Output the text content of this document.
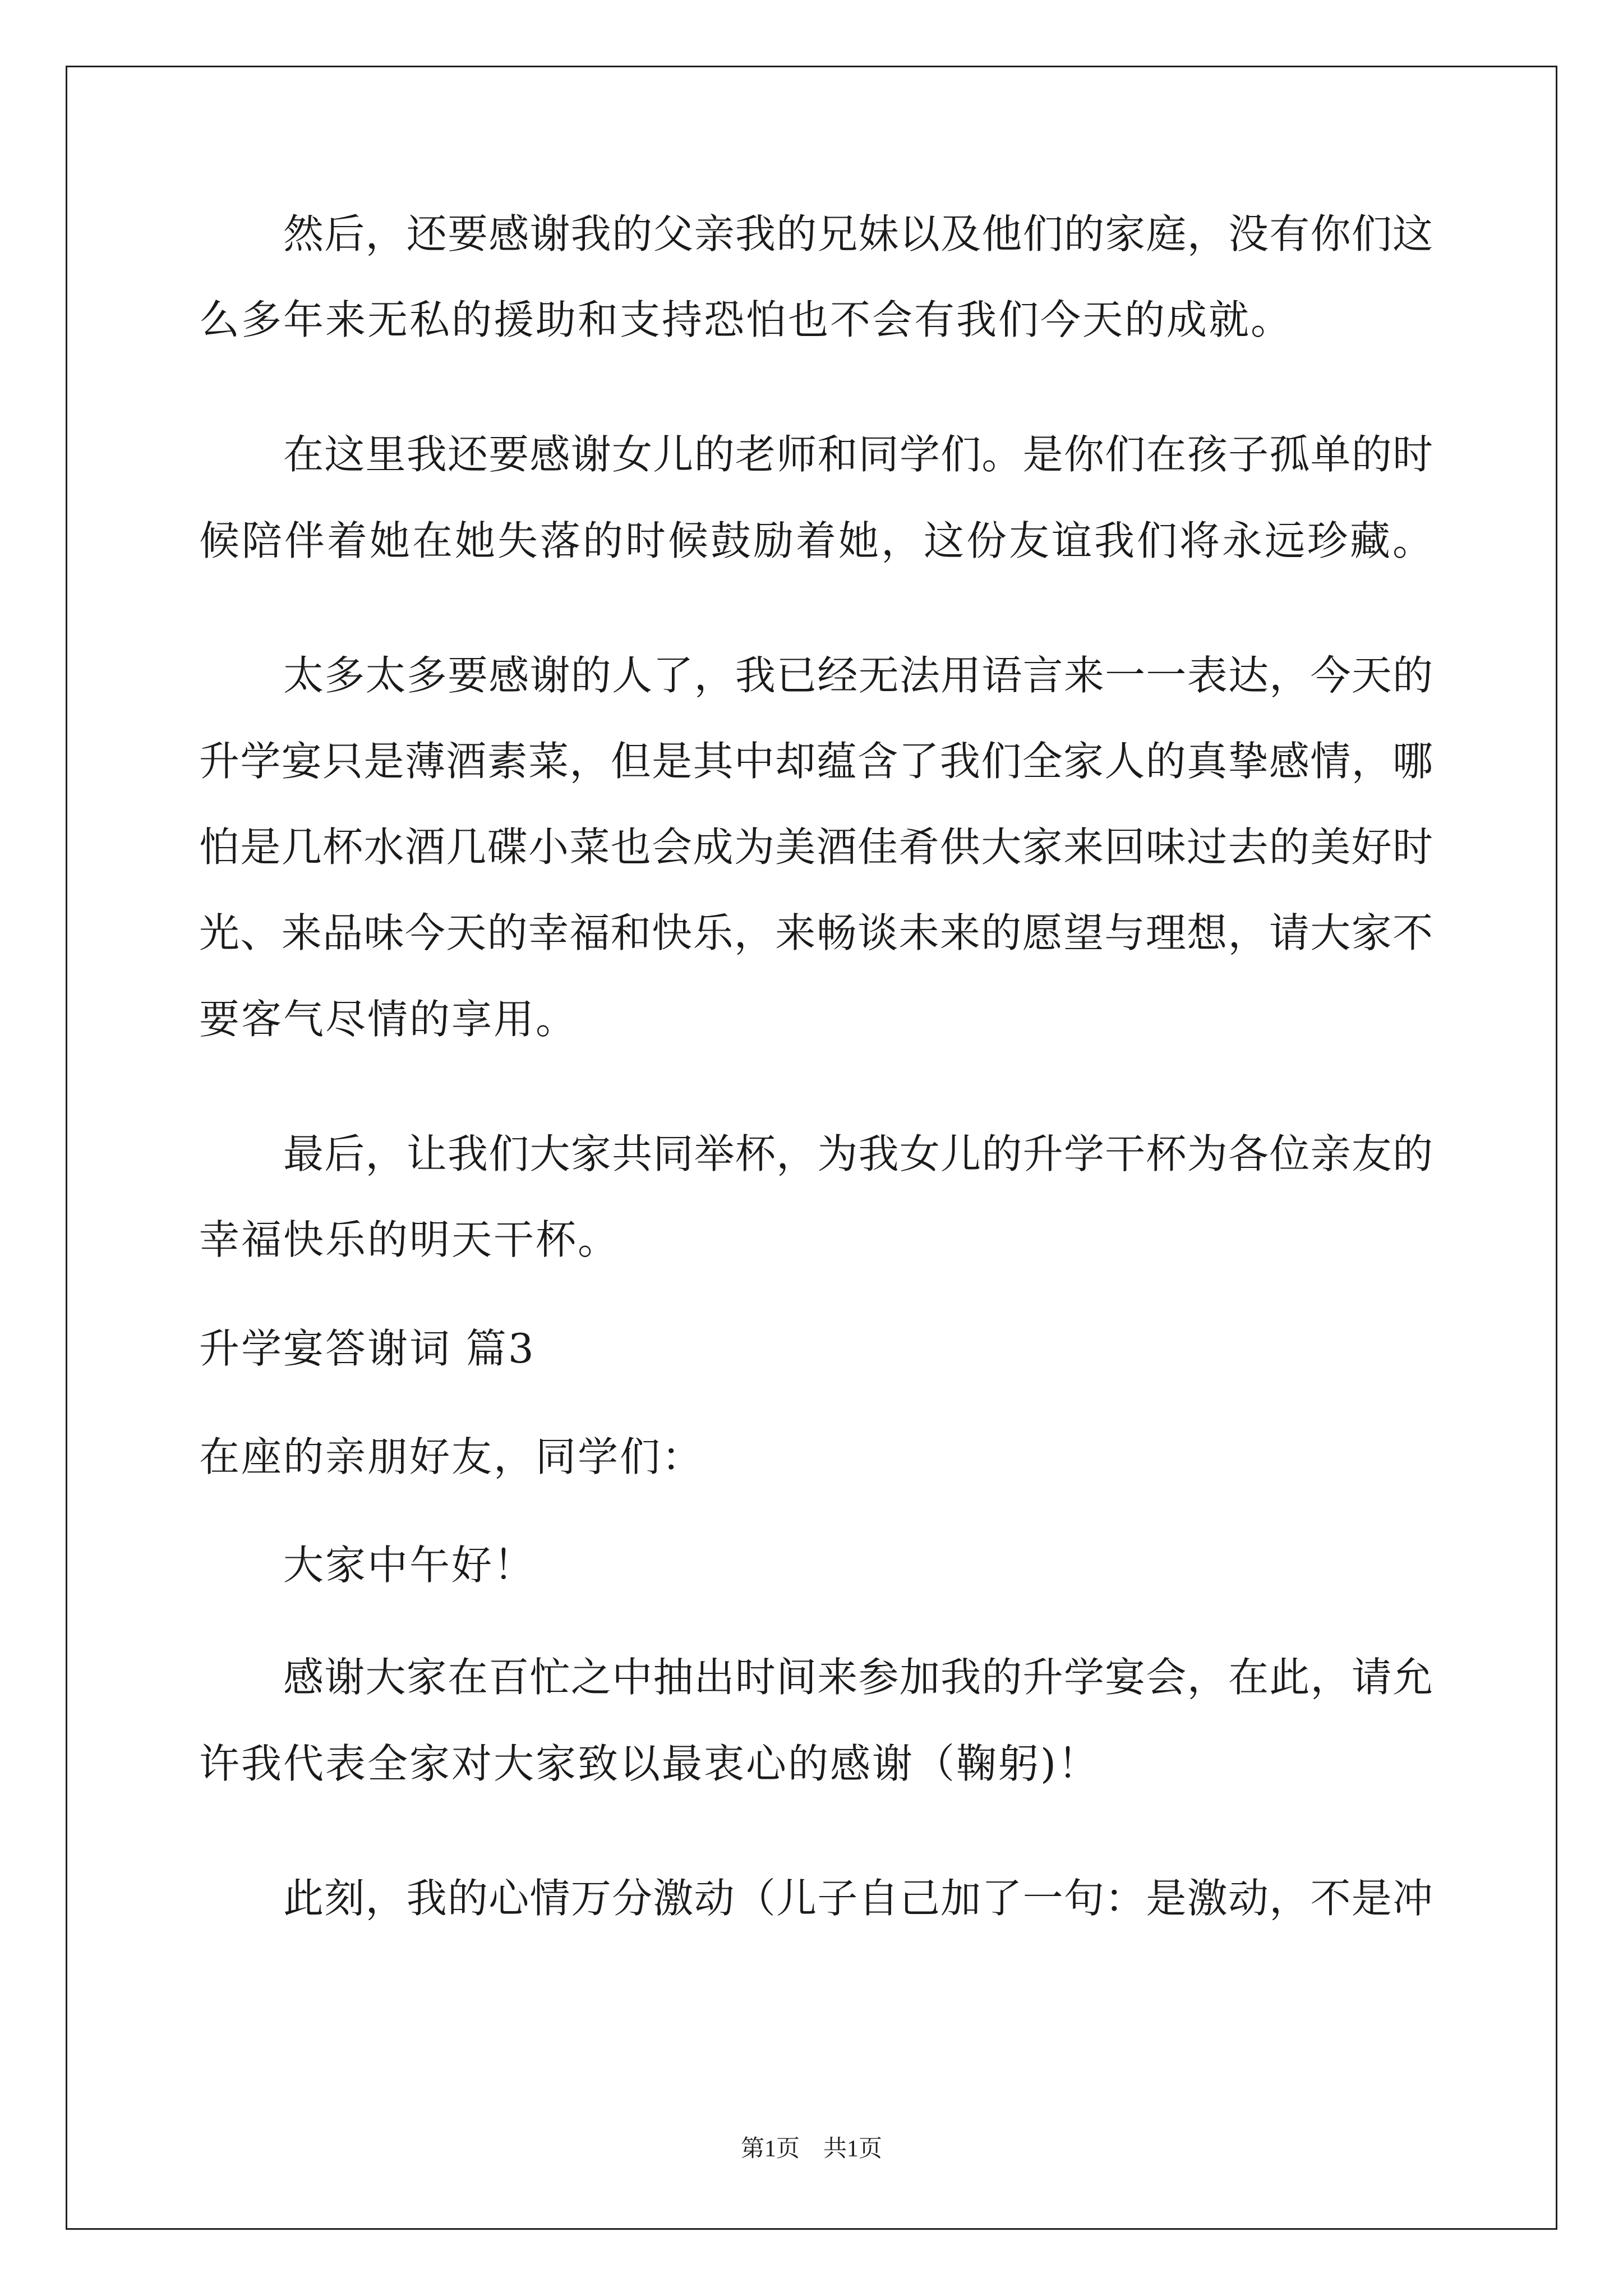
然后，还要感谢我的父亲我的兄妹以及他们的家庭，没有你们这
么多年来无私的援助和支持恐怕也不会有我们今天的成就。
在这里我还要感谢女儿的老师和同学们。是你们在孩子孤单的时
候陪伴着她在她失落的时候鼓励着她，这份友谊我们将永远珍藏。
太多太多要感谢的人了，我已经无法用语言来一一表达，今天的
升学宴只是薄酒素菜，但是其中却蕴含了我们全家人的真挚感情，哪
怕是几杯水酒几碟小菜也会成为美酒佳肴供大家来回味过去的美好时
光、来品味今天的幸福和快乐，来畅谈未来的愿望与理想，请大家不
要客气尽情的享用。
最后，让我们大家共同举杯，为我女儿的升学干杯为各位亲友的
幸福快乐的明天干杯。
升学宴答谢词 篇3
在座的亲朋好友，同学们：
大家中午好！
感谢大家在百忙之中抽出时间来参加我的升学宴会，在此，请允
许我代表全家对大家致以最衷心的感谢（鞠躬)！
此刻，我的心情万分激动（儿子自己加了一句：是激动，不是冲
第1页　共1页
